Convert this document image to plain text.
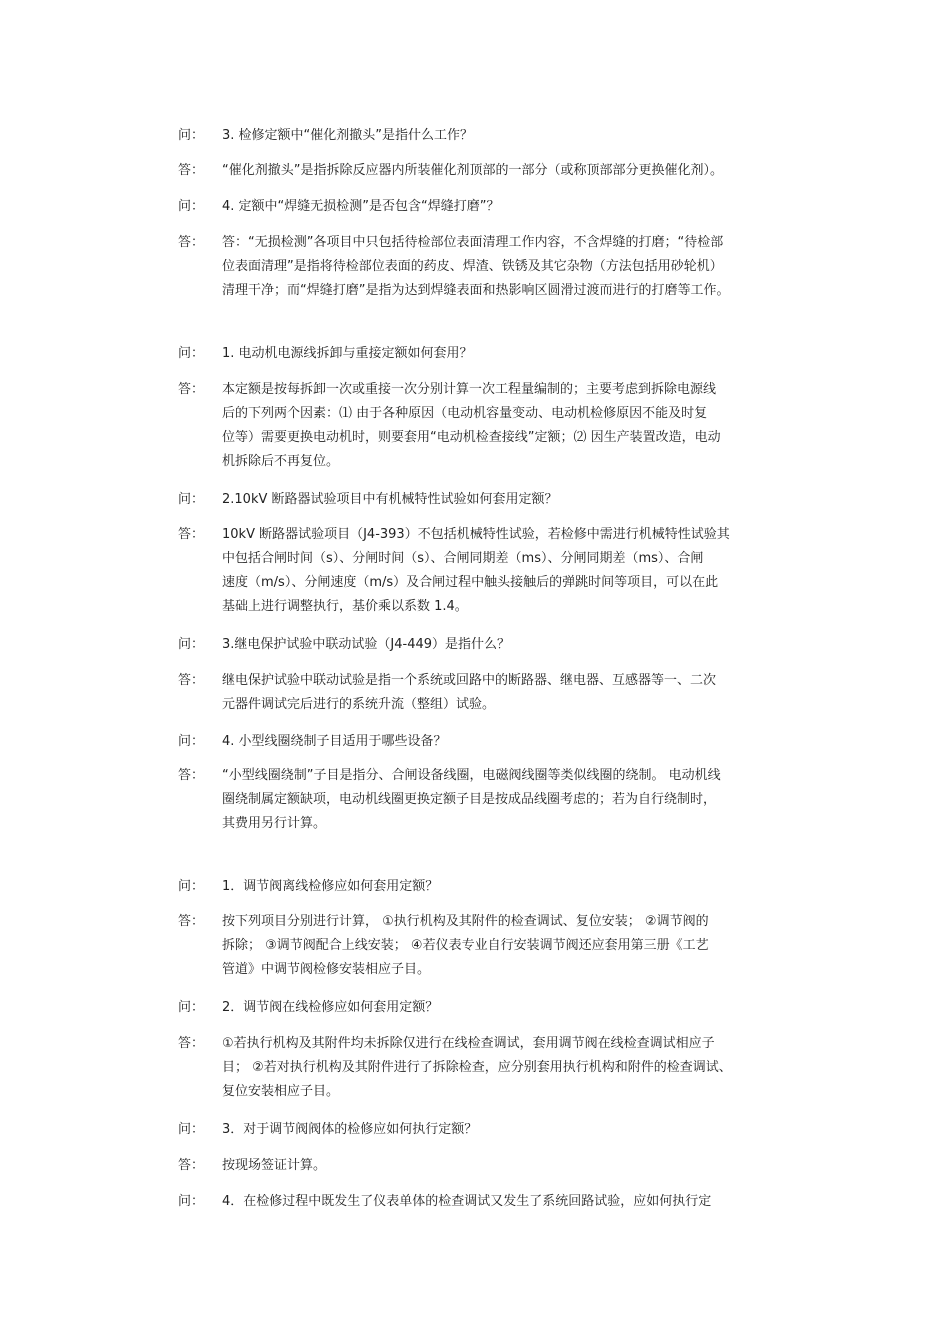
问：	3. 检修定额中“催化剂撤头”是指什么工作？

答：	“催化剂撤头”是指拆除反应器内所装催化剂顶部的一部分（或称顶部部分更换催化剂）。

问：	4. 定额中“焊缝无损检测”是否包含“焊缝打磨”？

答：	答：“无损检测”各项目中只包括待检部位表面清理工作内容，不含焊缝的打磨；“待检部
位表面清理”是指将待检部位表面的药皮、焊渣、铁锈及其它杂物（方法包括用砂轮机）
清理干净；而“焊缝打磨”是指为达到焊缝表面和热影响区圆滑过渡而进行的打磨等工作。

问：	1. 电动机电源线拆卸与重接定额如何套用？

答：	本定额是按每拆卸一次或重接一次分别计算一次工程量编制的；主要考虑到拆除电源线
后的下列两个因素：⑴ 由于各种原因（电动机容量变动、电动机检修原因不能及时复
位等）需要更换电动机时，则要套用“电动机检查接线”定额；⑵ 因生产装置改造，电动
机拆除后不再复位。

问：	2.10kV 断路器试验项目中有机械特性试验如何套用定额？

答：	10kV 断路器试验项目（J4-393）不包括机械特性试验，若检修中需进行机械特性试验其
中包括合闸时间（s）、分闸时间（s）、合闸同期差（ms）、分闸同期差（ms）、合闸
速度（m/s）、分闸速度（m/s）及合闸过程中触头接触后的弹跳时间等项目，可以在此
基础上进行调整执行，基价乘以系数 1.4。

问：	3.继电保护试验中联动试验（J4-449）是指什么？

答：	继电保护试验中联动试验是指一个系统或回路中的断路器、继电器、互感器等一、二次
元器件调试完后进行的系统升流（整组）试验。

问：	4. 小型线圈绕制子目适用于哪些设备？

答：	“小型线圈绕制”子目是指分、合闸设备线圈，电磁阀线圈等类似线圈的绕制。 电动机线
圈绕制属定额缺项，电动机线圈更换定额子目是按成品线圈考虑的；若为自行绕制时，
其费用另行计算。

问：	1．调节阀离线检修应如何套用定额？

答：	按下列项目分别进行计算， ①执行机构及其附件的检查调试、复位安装； ②调节阀的
拆除； ③调节阀配合上线安装； ④若仪表专业自行安装调节阀还应套用第三册《工艺
管道》中调节阀检修安装相应子目。

问：	2．调节阀在线检修应如何套用定额？

答：	①若执行机构及其附件均未拆除仅进行在线检查调试，套用调节阀在线检查调试相应子
目； ②若对执行机构及其附件进行了拆除检查，应分别套用执行机构和附件的检查调试、
复位安装相应子目。

问：	3．对于调节阀阀体的检修应如何执行定额？

答：	按现场签证计算。

问：	4．在检修过程中既发生了仪表单体的检查调试又发生了系统回路试验，应如何执行定
